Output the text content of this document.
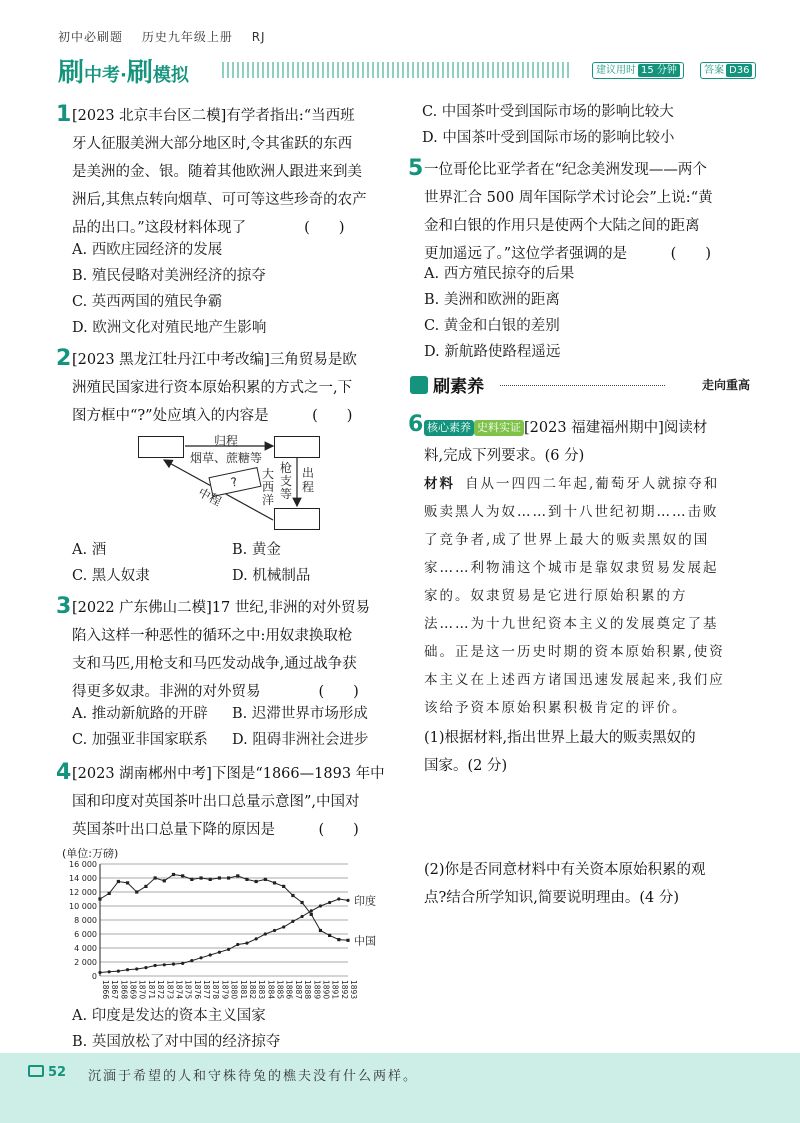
初中必刷题 历史九年级上册 RJ
刷中考·刷模拟	建议用时 15 分钟	答案 D36
1 [2023 北京丰台区二模]有学者指出:“当西班
牙人征服美洲大部分地区时,令其雀跃的东西
是美洲的金、银。随着其他欧洲人跟进来到美
洲后,其焦点转向烟草、可可等这些珍奇的农产
品的出口。”这段材料体现了　　　　(　　)
A. 西欧庄园经济的发展
B. 殖民侵略对美洲经济的掠夺
C. 英西两国的殖民争霸
D. 欧洲文化对殖民地产生影响
2 [2023 黑龙江牡丹江中考改编]三角贸易是欧
洲殖民国家进行资本原始积累的方式之一,下
图方框中“?”处应填入的内容是　　　(　　)
?
归程
烟草、蔗糖等
枪支等
大西洋
出程
中程
A. 酒	B. 黄金
C. 黑人奴隶	D. 机械制品
3 [2022 广东佛山二模]17 世纪,非洲的对外贸易
陷入这样一种恶性的循环之中:用奴隶换取枪
支和马匹,用枪支和马匹发动战争,通过战争获
得更多奴隶。非洲的对外贸易　　　　(　　)
A. 推动新航路的开辟 B. 迟滞世界市场形成
C. 加强亚非国家联系 D. 阻碍非洲社会进步
4 [2023 湖南郴州中考]下图是“1866—1893 年中
国和印度对英国茶叶出口总量示意图”,中国对
英国茶叶出口总量下降的原因是　　　(　　)
(单位:万磅)
0
2 000
4 000
6 000
8 000
10 000
12 000
14 000
16 000
1866 1867 1868 1869 1870 1871 1872 1873 1874 1875 1876 1877 1878 1879 1880 1881 1882 1883 1884 1885 1886 1887 1888 1889 1890 1891 1892 1893
印度
中国
A. 印度是发达的资本主义国家
B. 英国放松了对中国的经济掠夺
C. 中国茶叶受到国际市场的影响比较大
D. 中国茶叶受到国际市场的影响比较小
5 一位哥伦比亚学者在“纪念美洲发现——两个
世界汇合 500 周年国际学术讨论会”上说:“黄
金和白银的作用只是使两个大陆之间的距离
更加遥远了。”这位学者强调的是　　　(　　)
A. 西方殖民掠夺的后果
B. 美洲和欧洲的距离
C. 黄金和白银的差别
D. 新航路使路程遥远
刷素养	走向重高
6 核心素养 史料实证 [2023 福建福州期中]阅读材
料,完成下列要求。(6 分)
材料 自从一四四二年起,葡萄牙人就掠夺和
贩卖黑人为奴……到十八世纪初期……击败
了竞争者,成了世界上最大的贩卖黑奴的国
家……利物浦这个城市是靠奴隶贸易发展起
家的。奴隶贸易是它进行原始积累的方
法……为十九世纪资本主义的发展奠定了基
础。正是这一历史时期的资本原始积累,使资
本主义在上述西方诸国迅速发展起来,我们应
该给予资本原始积累积极肯定的评价。
(1)根据材料,指出世界上最大的贩卖黑奴的
国家。(2 分)
(2)你是否同意材料中有关资本原始积累的观
点?结合所学知识,简要说明理由。(4 分)
52 沉湎于希望的人和守株待兔的樵夫没有什么两样。
